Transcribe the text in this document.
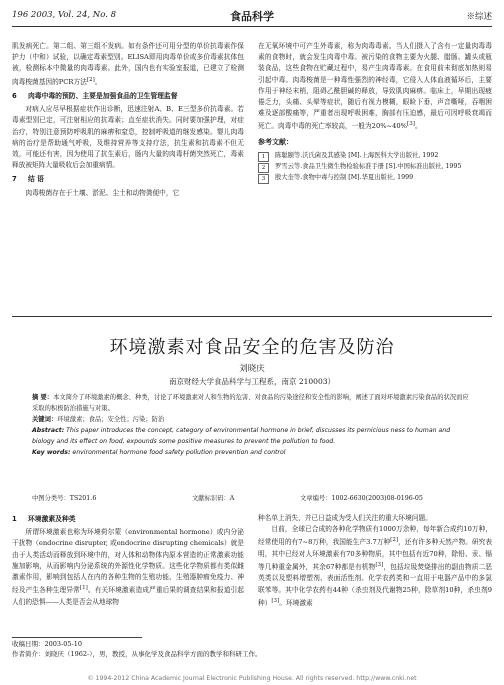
196 2003, Vol. 24, No. 8	食品科学	※综述

肌发病死亡。第二组、第三组不发病。如有条件还可用分型的单价抗毒素作保护力（中和）试验，以确定毒素型别。ELISA即用肉毒单价或多价毒素抗体包被，检测标本中微量的肉毒毒素。此外，国内也有实验室报道，已建立了检测肉毒梭菌基因的PCR方法[2]。

6 肉毒中毒的预防、主要是加强食品的卫生管理监督

对病人应尽早根据症状作出诊断，迅速注射A、B、E三型多价抗毒素。若毒素型别已定，可注射相应的抗毒素；直至症状消失。同时要加强护理，对症治疗，特别注意预防呼吸肌的麻痹和窒息，控制呼吸道的继发感染。婴儿肉毒病的治疗是帮助通气呼吸，及维持营养等支持疗法，抗生素和抗毒素不但无效，可能还有害，因为使用了抗生素后，肠内大量的肉毒杆菌突然死亡，毒素释放被矩阵大量吸收后会加重病情。

7 结 语

肉毒梭菌存在于土壤、淤泥、尘土和动物粪便中，它

在无氧环境中可产生外毒素，称为肉毒毒素。当人们摄入了含有一定量肉毒毒素的食物时，就会发生肉毒中毒。被污染的食物主要为火腿、腊肠、罐头或瓶装食品，这些食物在贮藏过程中，易产生肉毒毒素。在食用前未彻底加热则易引起中毒。肉毒梭菌是一种毒性强烈的神经毒，它侵入人体血液循环后，主要作用于神经末梢，阻碍乙酰胆碱的释放，导致肌肉麻痹。临床上，早期出现疲倦乏力，头痛、头晕等症状，随后有视力模糊，眼睑下垂，声音嘶哑，吞咽困难及逐部酸痛等，严重者出现呼吸困难，胸部有压迫感，最后可因呼吸衰竭而死亡。肉毒中毒的死亡率较高，一般为20%~40%[3]。

参考文献：
1	陈聪颐等.沃氏菌及其感染 [M].上海医科大学出版社, 1992
2	罗雪云等.食品卫生微生物检验标准手册 [S].中国标准出版社, 1995
3	殷大奎等.食物中毒与控制 [M].华夏出版社, 1999
环境激素对食品安全的危害及防治
刘晓庆
南京财经大学食品科学与工程系，南京 210003）
摘 要：本文简介了环境激素的概念、种类，讨论了环境激素对人和生物的危害、对食品的污染途径和安全性的影响，阐述了面对环境激素污染食品的状况而应采取的积极防治措施与对策。
关键词：环境激素；食品；安全性；污染；防治
Abstract: This paper introduces the concept, category of environmental hormone in brief, discusses its pernicious ness to human and biology and its effect on food, expounds some positive measures to prevent the pollution to food.
Key words: environmental hormone food safety pollution prevention and control
中图分类号：TS201.6	文献标识码：A	文章编号：1002-6630(2003)08-0196-05
1 环境激素及种类

所谓环境激素也称为环境荷尔蒙（environmental hormone）或内分泌干扰物（endocrine disrupter, 或endocrine disrupting chemicals）就是由于人类活动而释放到环境中的，对人体和动物体内原本营造的正常激素功能施加影响，从而影响内分泌系统的外源性化学物质。这些化学物质都有类似雌激素作用，影响到包括人在内的各种生物的生殖功能、生殖器肿瘤免疫力、神经及产生各种生理异常[1]。有关环境激素造成严重后果的调查结果和报道引起人们的恐惧——人类是否会从地球物

种名单上消失，并已日益成为受人们关注的重大环境问题。

目前，全球已合成的各种化学物质有1000万余种，每年新合成约10万种，经常使用的有7~8万种，我国能生产3.7万种[2]，还有许多种天然产物。研究表明，其中已经对人环境激素有70多种物质，其中包括有近70种，除铅、汞、镉等几种重金属外，其余67种都是有机物[3]，包括垃圾焚烧排出的副由物质二恶英类以及塑料增塑剂、表面活性剂、化学农药类和一直用于电器产品中的多氯联苯等。其中化学农药有44种（杀虫剂及代谢物25种，除草剂10种，杀虫剂9种）[3]。环境激素

收稿日期：2003-05-10
作者简介：刘晓庆（1962-），男，教授，从事化学及食品科学方面的教学和科研工作。
© 1994-2012 China Academic Journal Electronic Publishing House. All rights reserved. http://www.cnki.net
